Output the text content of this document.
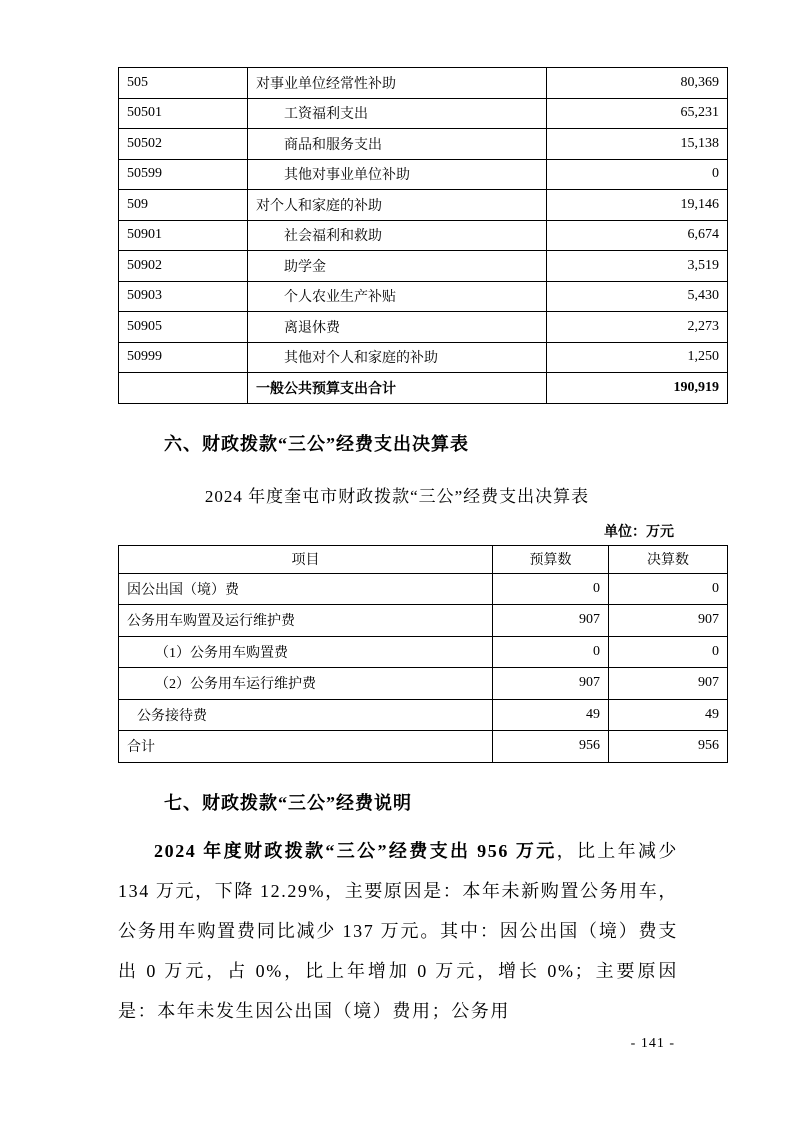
505	对事业单位经常性补助	80,369
50501	工资福利支出	65,231
50502	商品和服务支出	15,138
50599	其他对事业单位补助	0
509	对个人和家庭的补助	19,146
50901	社会福利和救助	6,674
50902	助学金	3,519
50903	个人农业生产补贴	5,430
50905	离退休费	2,273
50999	其他对个人和家庭的补助	1,250
	一般公共预算支出合计	190,919
六、财政拨款“三公”经费支出决算表
2024 年度奎屯市财政拨款“三公”经费支出决算表
单位：万元
项目	预算数	决算数
因公出国（境）费	0	0
公务用车购置及运行维护费	907	907
（1）公务用车购置费	0	0
（2）公务用车运行维护费	907	907
公务接待费	49	49
合计	956	956
七、财政拨款“三公”经费说明

2024 年度财政拨款“三公”经费支出 956 万元，比上年减少 134 万元，下降 12.29%，主要原因是：本年未新购置公务用车，公务用车购置费同比减少 137 万元。其中：因公出国（境）费支出 0 万元，占 0%，比上年增加 0 万元，增长 0%；主要原因是：本年未发生因公出国（境）费用；公务用

- 141 -
